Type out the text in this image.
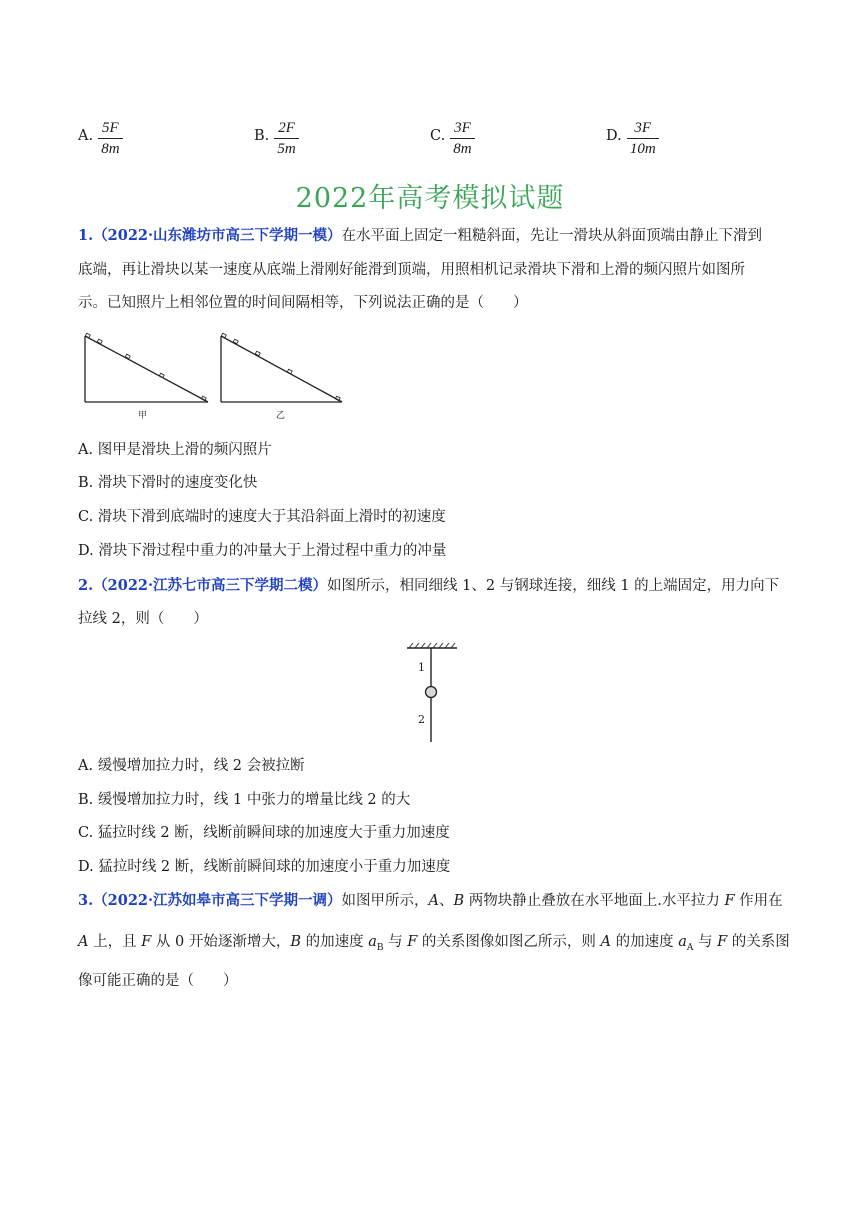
A. $\frac{5F}{8m}$	B. $\frac{2F}{5m}$	C. $\frac{3F}{8m}$	D. $\frac{3F}{10m}$
2022年高考模拟试题
1.（2022·山东潍坊市高三下学期一模）在水平面上固定一粗糙斜面，先让一滑块从斜面顶端由静止下滑到
底端，再让滑块以某一速度从底端上滑刚好能滑到顶端，用照相机记录滑块下滑和上滑的频闪照片如图所
示。已知照片上相邻位置的时间间隔相等，下列说法正确的是（　　）
甲	乙
A. 图甲是滑块上滑的频闪照片
B. 滑块下滑时的速度变化快
C. 滑块下滑到底端时的速度大于其沿斜面上滑时的初速度
D. 滑块下滑过程中重力的冲量大于上滑过程中重力的冲量
2.（2022·江苏七市高三下学期二模）如图所示，相同细线 1、2 与钢球连接，细线 1 的上端固定，用力向下
拉线 2，则（　　）
1
2
A. 缓慢增加拉力时，线 2 会被拉断
B. 缓慢增加拉力时，线 1 中张力的增量比线 2 的大
C. 猛拉时线 2 断，线断前瞬间球的加速度大于重力加速度
D. 猛拉时线 2 断，线断前瞬间球的加速度小于重力加速度
3.（2022·江苏如皋市高三下学期一调）如图甲所示，A、B 两物块静止叠放在水平地面上.水平拉力 F 作用在
A 上，且 F 从 0 开始逐渐增大，B 的加速度 $a_B$ 与 F 的关系图像如图乙所示，则 A 的加速度 $a_A$ 与 F 的关系图
像可能正确的是（　　）
